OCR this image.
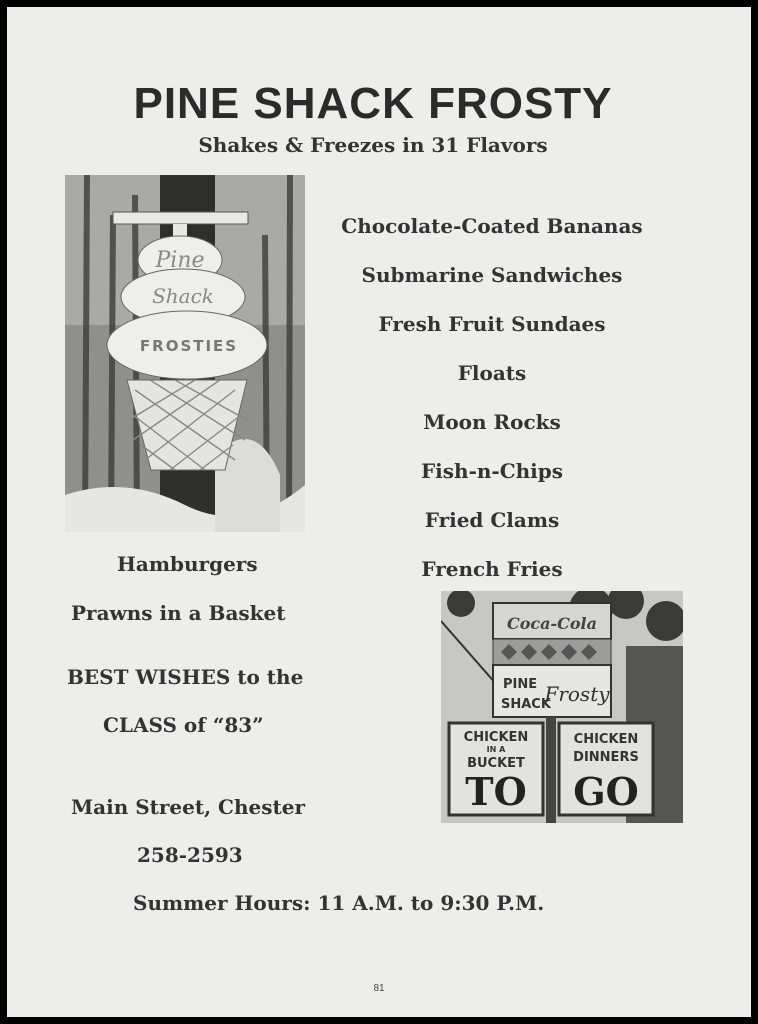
PINE SHACK FROSTY
Shakes & Freezes in 31 Flavors
Pine
Shack
FROSTIES
Chocolate-Coated Bananas
Submarine Sandwiches
Fresh Fruit Sundaes
Floats
Moon Rocks
Fish-n-Chips
Fried Clams
French Fries
Hamburgers
Prawns in a Basket
BEST WISHES to the
CLASS of “83”
Main Street, Chester
258-2593
Summer Hours: 11 A.M. to 9:30 P.M.
Coca-Cola
PINE
SHACK
Frosty
CHICKEN
IN A
BUCKET
TO
CHICKEN
DINNERS
GO
81
